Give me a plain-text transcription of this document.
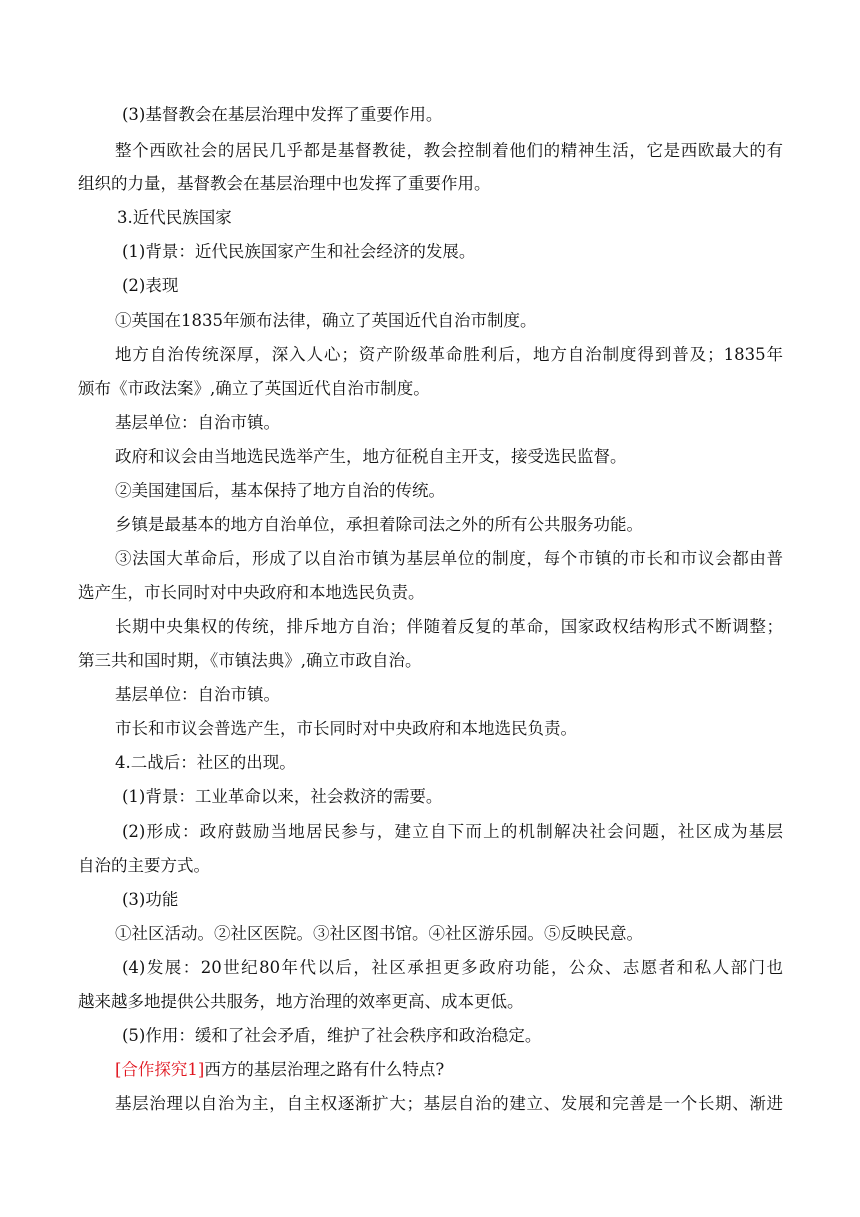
(3)基督教会在基层治理中发挥了重要作用。
整个西欧社会的居民几乎都是基督教徒，教会控制着他们的精神生活，它是西欧最大的有
组织的力量，基督教会在基层治理中也发挥了重要作用。
3.近代民族国家
(1)背景：近代民族国家产生和社会经济的发展。
(2)表现
①英国在1835年颁布法律，确立了英国近代自治市制度。
地方自治传统深厚，深入人心；资产阶级革命胜利后，地方自治制度得到普及；1835年
颁布《市政法案》,确立了英国近代自治市制度。
基层单位：自治市镇。
政府和议会由当地选民选举产生，地方征税自主开支，接受选民监督。
②美国建国后，基本保持了地方自治的传统。
乡镇是最基本的地方自治单位，承担着除司法之外的所有公共服务功能。
③法国大革命后，形成了以自治市镇为基层单位的制度，每个市镇的市长和市议会都由普
选产生，市长同时对中央政府和本地选民负责。
长期中央集权的传统，排斥地方自治；伴随着反复的革命，国家政权结构形式不断调整；
第三共和国时期，《市镇法典》,确立市政自治。
基层单位：自治市镇。
市长和市议会普选产生，市长同时对中央政府和本地选民负责。
4.二战后：社区的出现。
(1)背景：工业革命以来，社会救济的需要。
(2)形成：政府鼓励当地居民参与，建立自下而上的机制解决社会问题，社区成为基层
自治的主要方式。
(3)功能
①社区活动。②社区医院。③社区图书馆。④社区游乐园。⑤反映民意。
(4)发展：20世纪80年代以后，社区承担更多政府功能，公众、志愿者和私人部门也
越来越多地提供公共服务，地方治理的效率更高、成本更低。
(5)作用：缓和了社会矛盾，维护了社会秩序和政治稳定。
[合作探究1]西方的基层治理之路有什么特点?
基层治理以自治为主，自主权逐渐扩大；基层自治的建立、发展和完善是一个长期、渐进
